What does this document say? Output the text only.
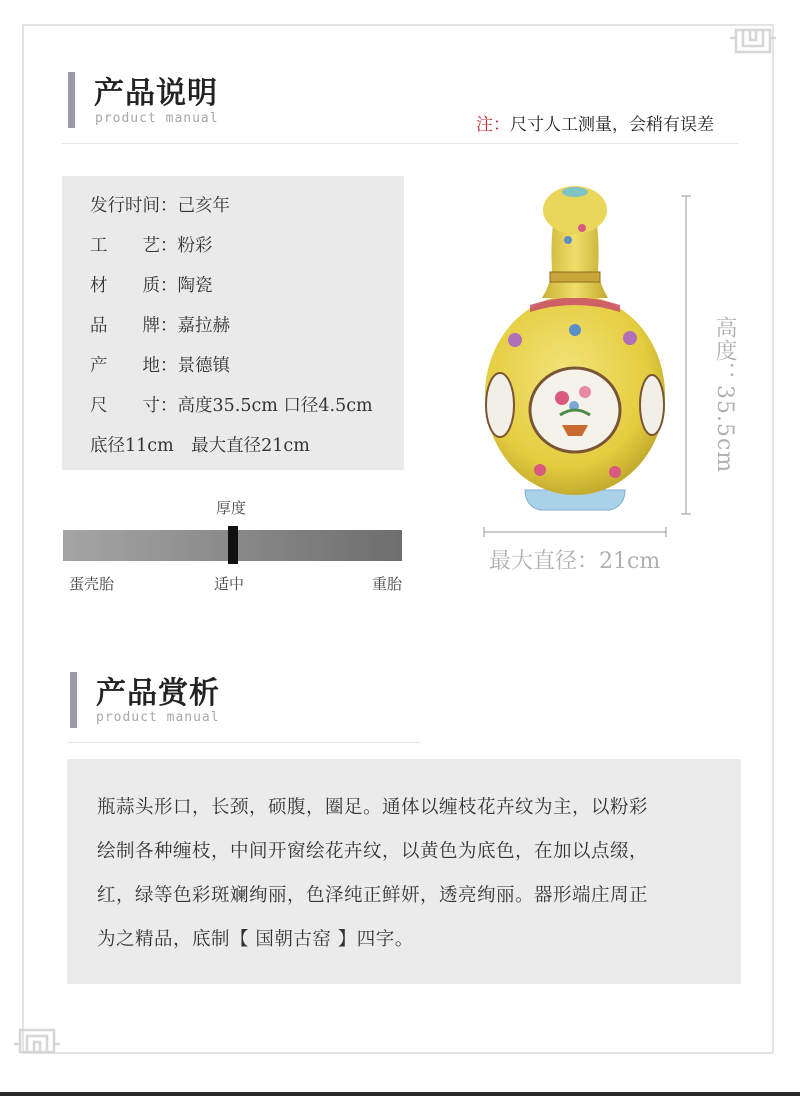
产品说明
product manual	注：尺寸人工测量，会稍有误差
发行时间：己亥年
工　　艺：粉彩
材　　质：陶瓷
品　　牌：嘉拉赫
产　　地：景德镇
尺　　寸：高度35.5cm 口径4.5cm
底径11cm　最大直径21cm
厚度
蛋壳胎	适中	重胎
高度：35.5cm
最大直径：21cm
产品赏析
product manual
瓶蒜头形口，长颈，硕腹，圈足。通体以缠枝花卉纹为主，以粉彩
绘制各种缠枝，中间开窗绘花卉纹，以黄色为底色，在加以点缀，
红，绿等色彩斑斓绚丽，色泽纯正鲜妍，透亮绚丽。器形端庄周正
为之精品，底制【 国朝古窑 】四字。
